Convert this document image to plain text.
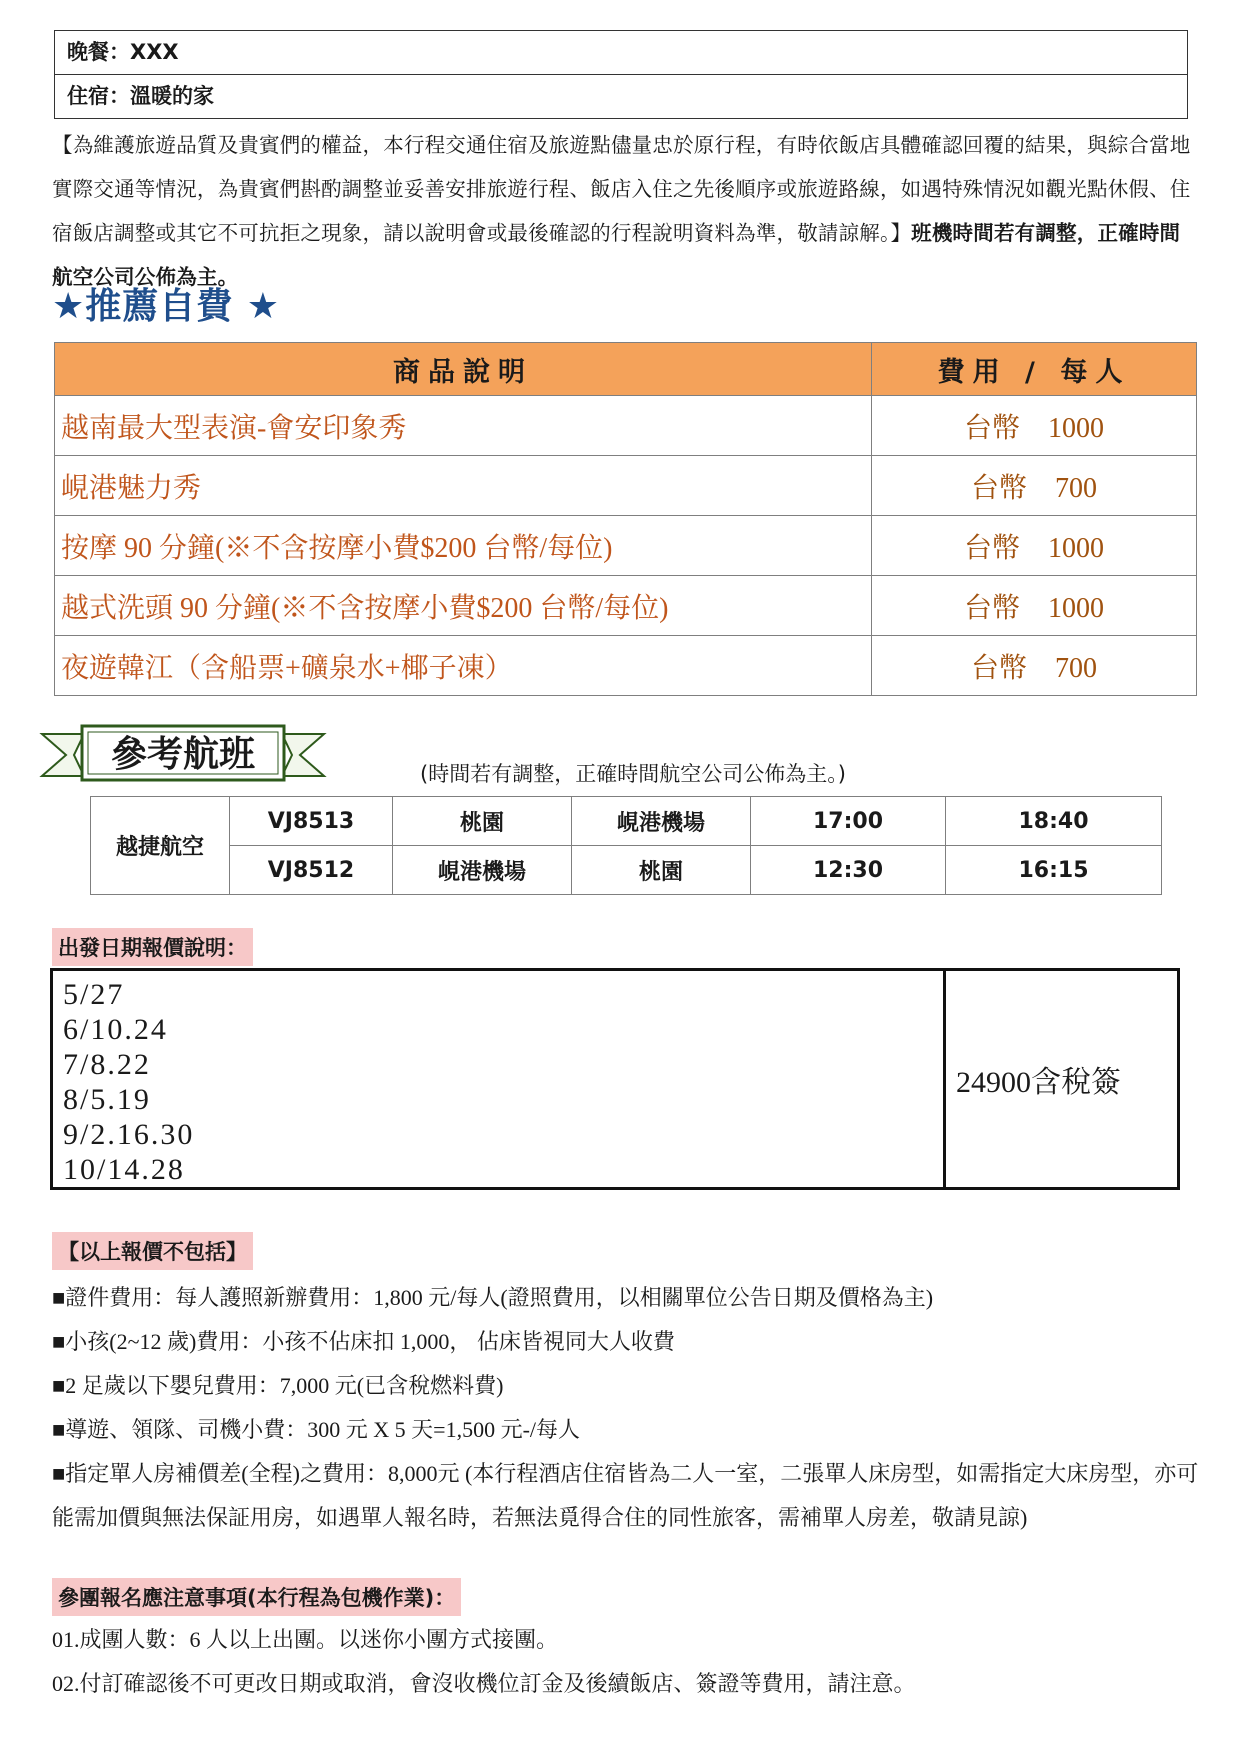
晚餐：XXX
住宿：溫暖的家
【為維護旅遊品質及貴賓們的權益，本行程交通住宿及旅遊點儘量忠於原行程，有時依飯店具體確認回覆的結果，與綜合當地實際交通等情況，為貴賓們斟酌調整並妥善安排旅遊行程、飯店入住之先後順序或旅遊路線，如遇特殊情況如觀光點休假、住宿飯店調整或其它不可抗拒之現象，請以說明會或最後確認的行程說明資料為準，敬請諒解。】班機時間若有調整，正確時間航空公司公佈為主。
★推薦自費 ★
商品說明	費用 / 每人
越南最大型表演-會安印象秀	台幣 1000
峴港魅力秀	台幣 700
按摩 90 分鐘(※不含按摩小費$200 台幣/每位)	台幣 1000
越式洗頭 90 分鐘(※不含按摩小費$200 台幣/每位)	台幣 1000
夜遊韓江（含船票+礦泉水+椰子凍）	台幣 700
參考航班	(時間若有調整，正確時間航空公司公佈為主。)
越捷航空	VJ8513	桃園	峴港機場	17:00	18:40
	VJ8512	峴港機場	桃園	12:30	16:15
出發日期報價說明：
5/27
6/10.24
7/8.22
8/5.19
9/2.16.30
10/14.28
	24900含稅簽
【以上報價不包括】

■證件費用：每人護照新辦費用：1,800 元/每人(證照費用，以相關單位公告日期及價格為主)

■小孩(2~12 歲)費用：小孩不佔床扣 1,000， 佔床皆視同大人收費

■2 足歲以下嬰兒費用：7,000 元(已含稅燃料費)

■導遊、領隊、司機小費：300 元 X 5 天=1,500 元-/每人

■指定單人房補價差(全程)之費用：8,000元 (本行程酒店住宿皆為二人一室，二張單人床房型，如需指定大床房型，亦可能需加價與無法保証用房，如遇單人報名時，若無法覓得合住的同性旅客，需補單人房差，敬請見諒)

參團報名應注意事項(本行程為包機作業)：

01.成團人數：6 人以上出團。以迷你小團方式接團。

02.付訂確認後不可更改日期或取消，會沒收機位訂金及後續飯店、簽證等費用，請注意。
